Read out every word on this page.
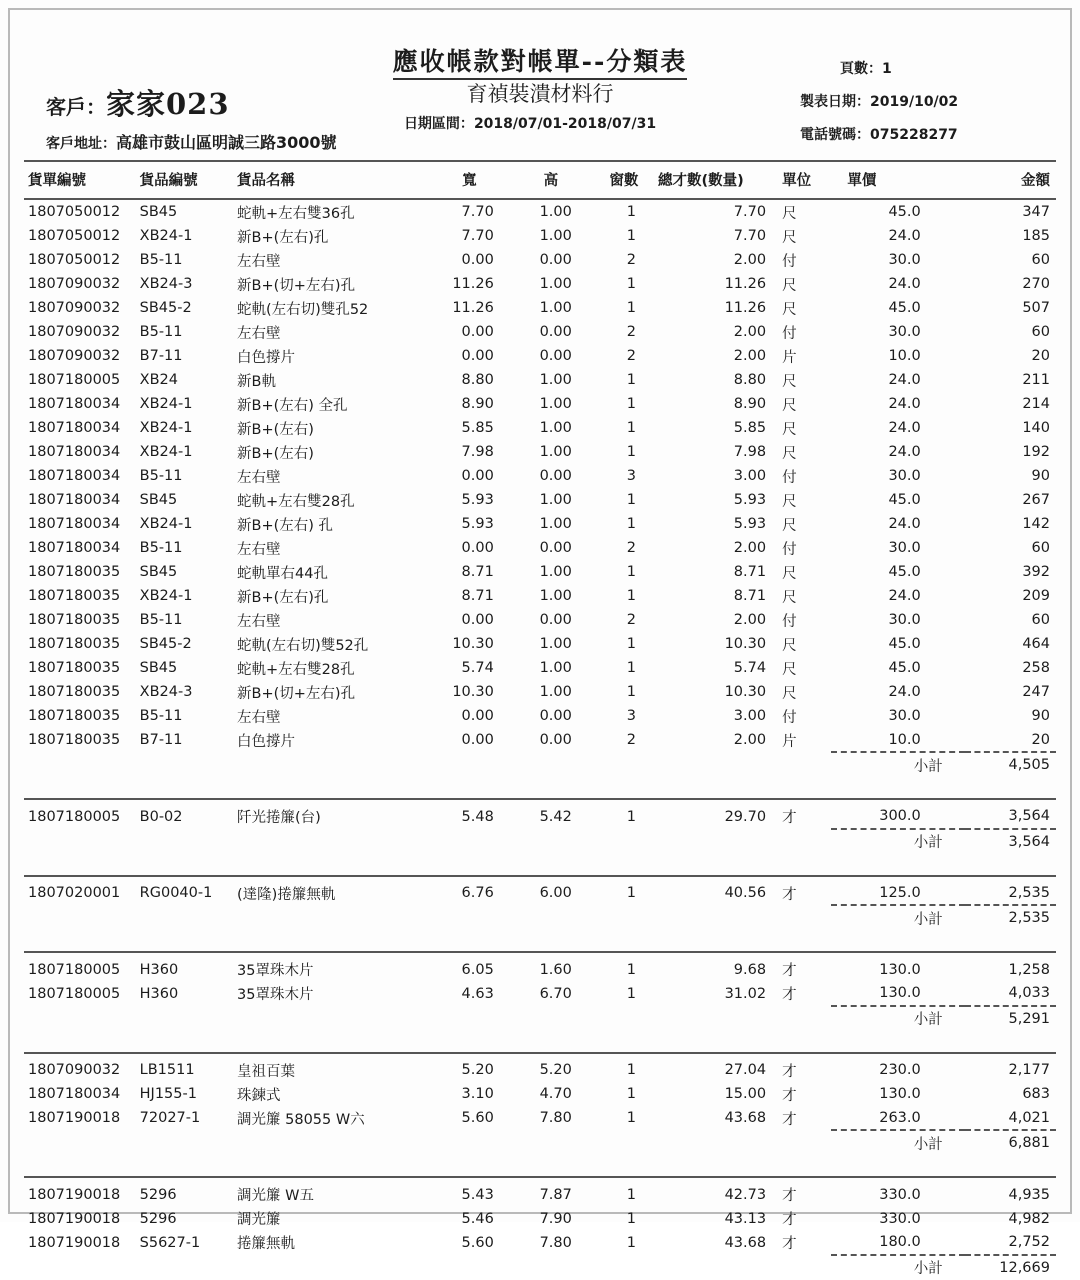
應收帳款對帳單--分類表
育禎裝潰材料行
日期區間：2018/07/01-2018/07/31
客戶：家家023
客戶地址：高雄市鼓山區明誠三路3000號
頁數：1
製表日期：2019/10/02
電話號碼：075228277
貨單編號	貨品編號	貨品名稱	寬	高	窗數	總才數(數量)	單位	單價	金額
1807050012	SB45	蛇軌+左右雙36孔	7.70	1.00	1	7.70	尺	45.0	347
1807050012	XB24-1	新B+(左右)孔	7.70	1.00	1	7.70	尺	24.0	185
1807050012	B5-11	左右壁	0.00	0.00	2	2.00	付	30.0	60
1807090032	XB24-3	新B+(切+左右)孔	11.26	1.00	1	11.26	尺	24.0	270
1807090032	SB45-2	蛇軌(左右切)雙孔52	11.26	1.00	1	11.26	尺	45.0	507
1807090032	B5-11	左右壁	0.00	0.00	2	2.00	付	30.0	60
1807090032	B7-11	白色撐片	0.00	0.00	2	2.00	片	10.0	20
1807180005	XB24	新B軌	8.80	1.00	1	8.80	尺	24.0	211
1807180034	XB24-1	新B+(左右) 全孔	8.90	1.00	1	8.90	尺	24.0	214
1807180034	XB24-1	新B+(左右)	5.85	1.00	1	5.85	尺	24.0	140
1807180034	XB24-1	新B+(左右)	7.98	1.00	1	7.98	尺	24.0	192
1807180034	B5-11	左右壁	0.00	0.00	3	3.00	付	30.0	90
1807180034	SB45	蛇軌+左右雙28孔	5.93	1.00	1	5.93	尺	45.0	267
1807180034	XB24-1	新B+(左右) 孔	5.93	1.00	1	5.93	尺	24.0	142
1807180034	B5-11	左右壁	0.00	0.00	2	2.00	付	30.0	60
1807180035	SB45	蛇軌單右44孔	8.71	1.00	1	8.71	尺	45.0	392
1807180035	XB24-1	新B+(左右)孔	8.71	1.00	1	8.71	尺	24.0	209
1807180035	B5-11	左右壁	0.00	0.00	2	2.00	付	30.0	60
1807180035	SB45-2	蛇軌(左右切)雙52孔	10.30	1.00	1	10.30	尺	45.0	464
1807180035	SB45	蛇軌+左右雙28孔	5.74	1.00	1	5.74	尺	45.0	258
1807180035	XB24-3	新B+(切+左右)孔	10.30	1.00	1	10.30	尺	24.0	247
1807180035	B5-11	左右壁	0.00	0.00	3	3.00	付	30.0	90
1807180035	B7-11	白色撐片	0.00	0.00	2	2.00	片	10.0	20
								小計	4,505

1807180005	B0-02	阡光捲簾(台)	5.48	5.42	1	29.70	才	300.0	3,564
								小計	3,564

1807020001	RG0040-1	(達隆)捲簾無軌	6.76	6.00	1	40.56	才	125.0	2,535
								小計	2,535

1807180005	H360	35罩珠木片	6.05	1.60	1	9.68	才	130.0	1,258
1807180005	H360	35罩珠木片	4.63	6.70	1	31.02	才	130.0	4,033
								小計	5,291

1807090032	LB1511	皇祖百葉	5.20	5.20	1	27.04	才	230.0	2,177
1807180034	HJ155-1	珠鍊式	3.10	4.70	1	15.00	才	130.0	683
1807190018	72027-1	調光簾 58055 W六	5.60	7.80	1	43.68	才	263.0	4,021
								小計	6,881

1807190018	5296	調光簾 W五	5.43	7.87	1	42.73	才	330.0	4,935
1807190018	5296	調光簾	5.46	7.90	1	43.13	才	330.0	4,982
1807190018	S5627-1	捲簾無軌	5.60	7.80	1	43.68	才	180.0	2,752
								小計	12,669
